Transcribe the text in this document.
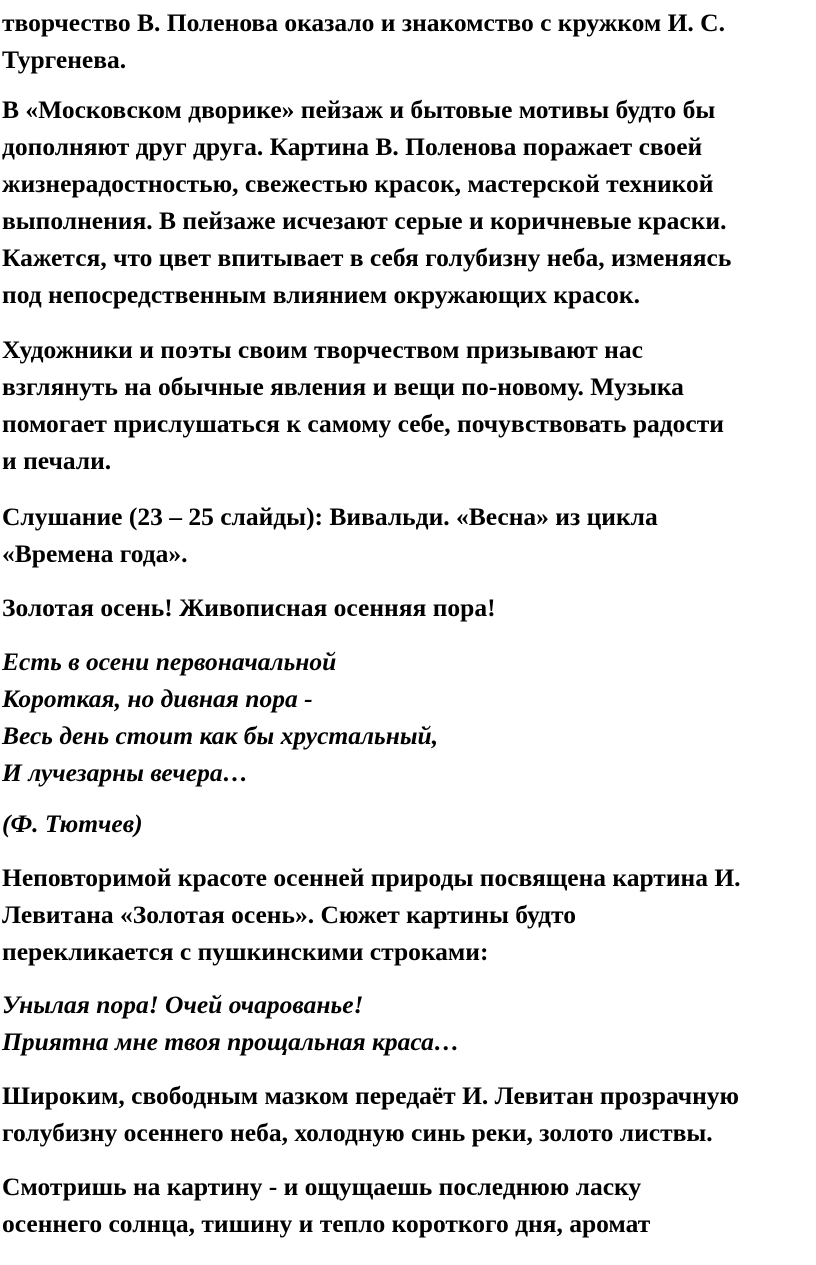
творчество В. Поленова оказало и знакомство с кружком И. С.
Тургенева.

В «Московском дворике» пейзаж и бытовые мотивы будто бы
дополняют друг друга. Картина В. Поленова поражает своей
жизнерадостностью, свежестью красок, мастерской техникой
выполнения. В пейзаже исчезают серые и коричневые краски.
Кажется, что цвет впитывает в себя голубизну неба, изменяясь
под непосредственным влиянием окружающих красок.

Художники и поэты своим творчеством призывают нас
взглянуть на обычные явления и вещи по-новому. Музыка
помогает прислушаться к самому себе, почувствовать радости
и печали.

Слушание (23 – 25 слайды): Вивальди. «Весна» из цикла
«Времена года».

Золотая осень! Живописная осенняя пора!

Есть в осени первоначальной
Короткая, но дивная пора -
Весь день стоит как бы хрустальный,
И лучезарны вечера…

(Ф. Тютчев)

Неповторимой красоте осенней природы посвящена картина И.
Левитана «Золотая осень». Сюжет картины будто
перекликается с пушкинскими строками:

Унылая пора! Очей очарованье!
Приятна мне твоя прощальная краса…

Широким, свободным мазком передаёт И. Левитан прозрачную
голубизну осеннего неба, холодную синь реки, золото листвы.

Смотришь на картину - и ощущаешь последнюю ласку
осеннего солнца, тишину и тепло короткого дня, аромат
